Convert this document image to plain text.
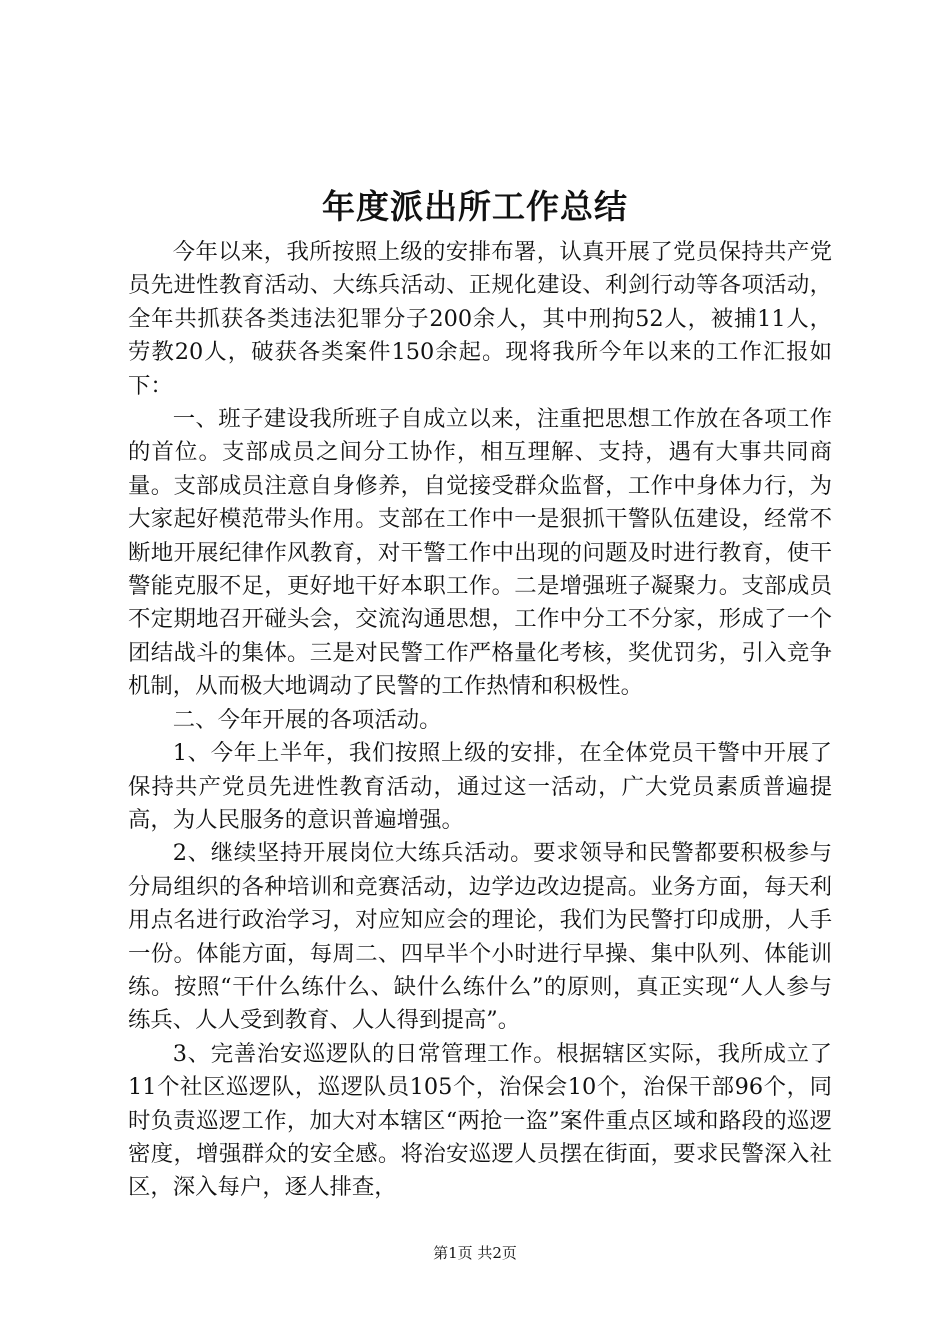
年度派出所工作总结

今年以来，我所按照上级的安排布署，认真开展了党员保持共产党员先进性教育活动、大练兵活动、正规化建设、利剑行动等各项活动，全年共抓获各类违法犯罪分子200余人，其中刑拘52人，被捕11人，劳教20人，破获各类案件150余起。现将我所今年以来的工作汇报如下：

一、班子建设我所班子自成立以来，注重把思想工作放在各项工作的首位。支部成员之间分工协作，相互理解、支持，遇有大事共同商量。支部成员注意自身修养，自觉接受群众监督，工作中身体力行，为大家起好模范带头作用。支部在工作中一是狠抓干警队伍建设，经常不断地开展纪律作风教育，对干警工作中出现的问题及时进行教育，使干警能克服不足，更好地干好本职工作。二是增强班子凝聚力。支部成员不定期地召开碰头会，交流沟通思想，工作中分工不分家，形成了一个团结战斗的集体。三是对民警工作严格量化考核，奖优罚劣，引入竞争机制，从而极大地调动了民警的工作热情和积极性。

二、今年开展的各项活动。

1、今年上半年，我们按照上级的安排，在全体党员干警中开展了保持共产党员先进性教育活动，通过这一活动，广大党员素质普遍提高，为人民服务的意识普遍增强。

2、继续坚持开展岗位大练兵活动。要求领导和民警都要积极参与分局组织的各种培训和竞赛活动，边学边改边提高。业务方面，每天利用点名进行政治学习，对应知应会的理论，我们为民警打印成册，人手一份。体能方面，每周二、四早半个小时进行早操、集中队列、体能训练。按照“干什么练什么、缺什么练什么”的原则，真正实现“人人参与练兵、人人受到教育、人人得到提高”。

3、完善治安巡逻队的日常管理工作。根据辖区实际，我所成立了11个社区巡逻队，巡逻队员105个，治保会10个，治保干部96个，同时负责巡逻工作，加大对本辖区“两抢一盗”案件重点区域和路段的巡逻密度，增强群众的安全感。将治安巡逻人员摆在街面，要求民警深入社区，深入每户，逐人排查，

第1页 共2页
